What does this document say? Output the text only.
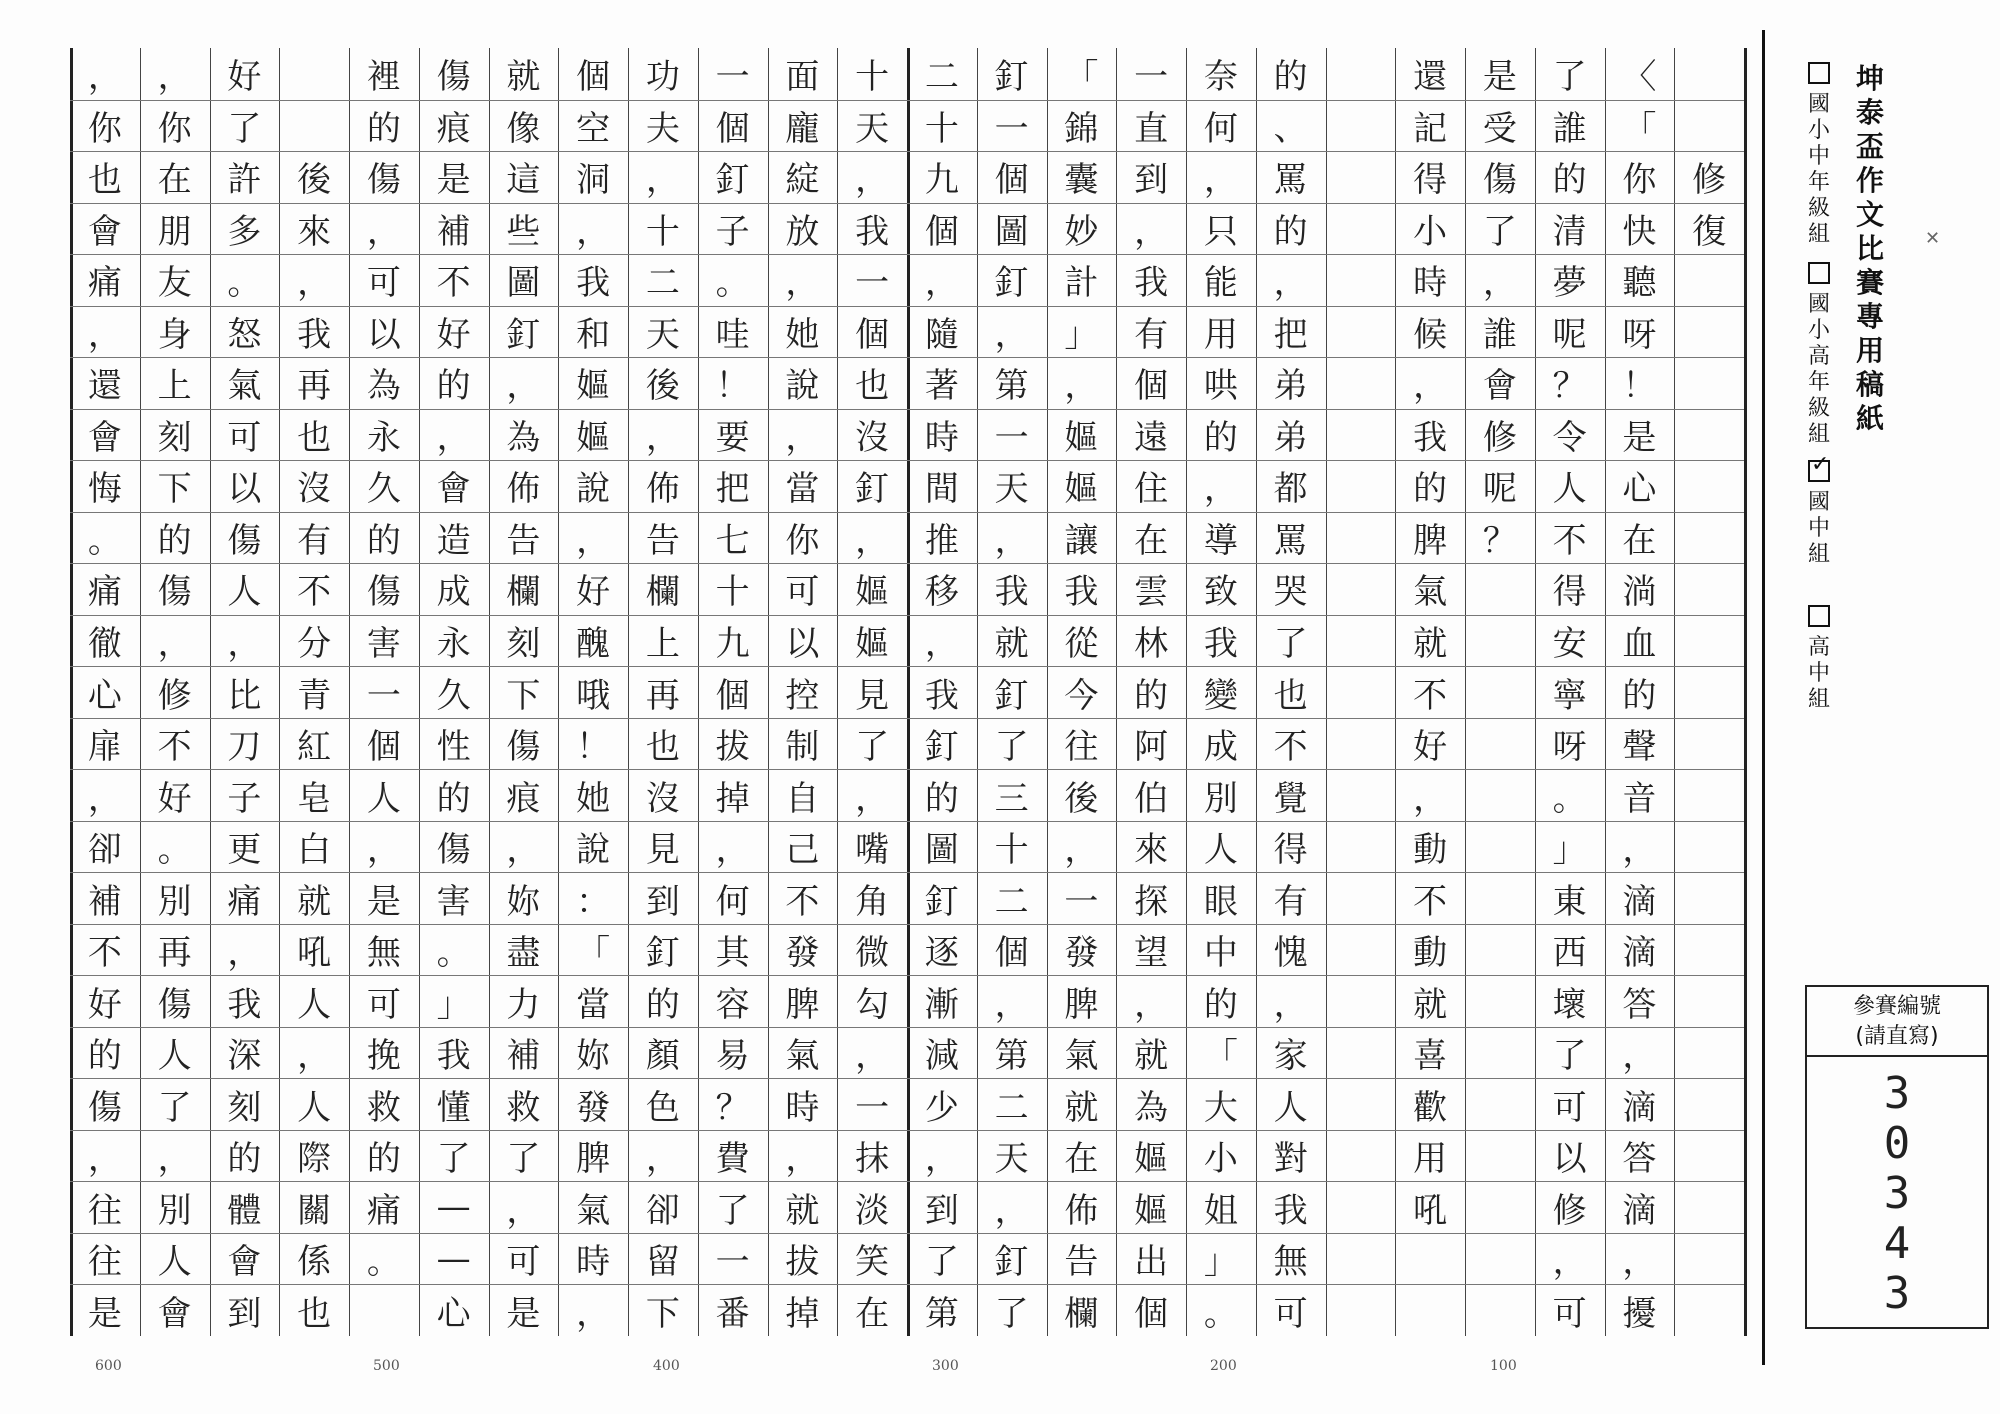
修
復
〈
「
你
快
聽
呀
！
是
心
在
淌
血
的
聲
音
，
滴
滴
答
，
滴
答
滴
，
擾
了
誰
的
清
夢
呢
？
令
人
不
得
安
寧
呀
。
」
東
西
壞
了
可
以
修
，
可
是
受
傷
了
，
誰
會
修
呢
？
還
記
得
小
時
候
，
我
的
脾
氣
就
不
好
，
動
不
動
就
喜
歡
用
吼
的
、
罵
的
，
把
弟
弟
都
罵
哭
了
也
不
覺
得
有
愧
，
家
人
對
我
無
可
奈
何
，
只
能
用
哄
的
，
導
致
我
變
成
別
人
眼
中
的
「
大
小
姐
」
。
一
直
到
，
我
有
個
遠
住
在
雲
林
的
阿
伯
來
探
望
，
就
為
嫗
嫗
出
個
「
錦
囊
妙
計
」
，
嫗
嫗
讓
我
從
今
往
後
，
一
發
脾
氣
就
在
佈
告
欄
釘
一
個
圖
釘
，
第
一
天
，
我
就
釘
了
三
十
二
個
，
第
二
天
，
釘
了
二
十
九
個
，
隨
著
時
間
推
移
，
我
釘
的
圖
釘
逐
漸
減
少
，
到
了
第
十
天
，
我
一
個
也
沒
釘
，
嫗
嫗
見
了
，
嘴
角
微
勾
，
一
抹
淡
笑
在
面
龐
綻
放
，
她
說
，
當
你
可
以
控
制
自
己
不
發
脾
氣
時
，
就
拔
掉
一
個
釘
子
。
哇
！
要
把
七
十
九
個
拔
掉
，
何
其
容
易
？
費
了
一
番
功
夫
，
十
二
天
後
，
佈
告
欄
上
再
也
沒
見
到
釘
的
顏
色
，
卻
留
下
個
空
洞
，
我
和
嫗
嫗
說
，
好
醜
哦
！
她
說
：
「
當
妳
發
脾
氣
時
，
就
像
這
些
圖
釘
，
為
佈
告
欄
刻
下
傷
痕
，
妳
盡
力
補
救
了
，
可
是
傷
痕
是
補
不
好
的
，
會
造
成
永
久
性
的
傷
害
。
」
我
懂
了
—
—
心
裡
的
傷
，
可
以
為
永
久
的
傷
害
一
個
人
，
是
無
可
挽
救
的
痛
。
後
來
，
我
再
也
沒
有
不
分
青
紅
皂
白
就
吼
人
，
人
際
關
係
也
好
了
許
多
。
怒
氣
可
以
傷
人
，
比
刀
子
更
痛
，
我
深
刻
的
體
會
到
，
你
在
朋
友
身
上
刻
下
的
傷
，
修
不
好
。
別
再
傷
人
了
，
別
人
會
，
你
也
會
痛
，
還
會
悔
。
痛
徹
心
扉
，
卻
補
不
好
的
傷
，
往
往
是
600	500	400	300	200	100
坤泰盃作文比賽專用稿紙
國小中年級組
國小高年級組
✓
國中組
高中組
參賽編號
(請直寫)
3
0
3
4
3
✕
